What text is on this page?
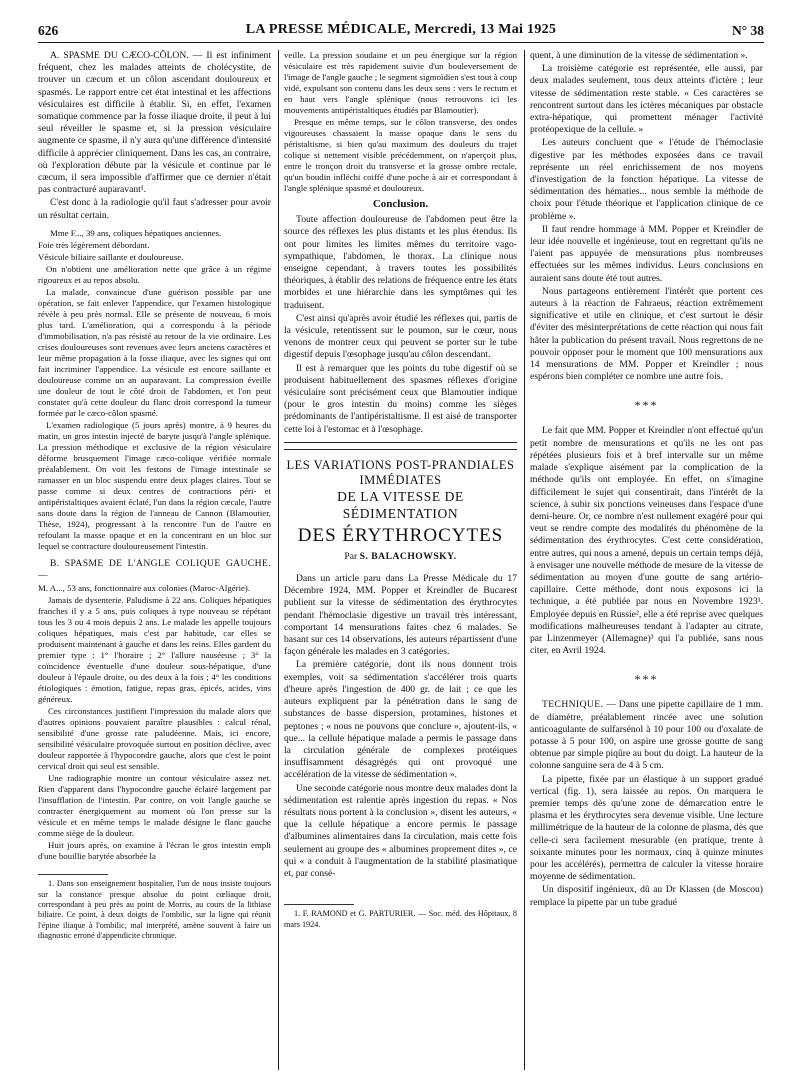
626	LA PRESSE MÉDICALE, Mercredi, 13 Mai 1925	N° 38

A. SPASME DU CÆCO-CÔLON. — Il est infiniment fréquent, chez les malades atteints de cholécystite, de trouver un cæcum et un côlon ascendant douloureux et spasmés. Le rapport entre cet état intestinal et les affections vésiculaires est difficile à établir. Si, en effet, l'examen somatique commence par la fosse iliaque droite, il peut à lui seul réveiller le spasme et, si la pression vésiculaire augmente ce spasme, il n'y aura qu'une différence d'intensité difficile à apprécier cliniquement. Dans les cas, au contraire, où l'exploration débute par la vésicule et continue par le cæcum, il sera impossible d'affirmer que ce dernier n'était pas contracturé auparavant¹.

C'est donc à la radiologie qu'il faut s'adresser pour avoir un résultat certain.

Mme F..., 39 ans, coliques hépatiques anciennes.

Foie très légèrement débordant.

Vésicule biliaire saillante et douloureuse.

On n'obtient une amélioration nette que grâce à un régime rigoureux et au repos absolu.

La malade, convaincue d'une guérison possible par une opération, se fait enlever l'appendice, qur l'examen histologique révèle à peu près normal. Elle se présente de nouveau, 6 mois plus tard. L'amélioration, qui a correspondu à la période d'immobilisation, n'a pas résisté au retour de la vie ordinaire. Les crises douloureuses sont revenues avec leurs anciens caractères et leur même propagation à la fosse iliaque, avec les signes qui ont fait incriminer l'appendice. La vésicule est encore saillante et douloureuse comme un an auparavant. La compression éveille une douleur de tout le côté droit de l'abdomen, et l'on peut constater qu'à cette douleur du flanc droit correspond la tumeur formée par le cæco-côlon spasmé.

L'examen radiologique (5 jours après) montre, à 9 heures du matin, un gros intestin injecté de baryte jusqu'à l'angle splénique. La pression méthodique et exclusive de la région vésiculaire déforme brusquement l'image cæco-colique vérifiée normale préalablement. On voit les festons de l'image intestinale se ramasser en un bloc suspendu entre deux plages claires. Tout se passe comme si deux centres de contractions péri- et antipéristaltiques avaient éclaté, l'un dans la région cæcale, l'autre sans doute dans la région de l'anneau de Cannon (Blamoutier, Thèse, 1924), progressant à la rencontre l'un de l'autre en refoulant la masse opaque et en la concentrant en un bloc sur lequel se contracture douloureusement l'intestin.

B. SPASME DE L'ANGLE COLIQUE GAUCHE. —

M. A..., 53 ans, fonctionnaire aux colonies (Maroc-Algérie).

Jamais de dysenterie. Paludisme à 22 ans. Coliques hépatiques franches il y a 5 ans, puis coliques à type nouveau se répétant tous les 3 ou 4 mois depuis 2 ans. Le malade les appelle toujours coliques hépatiques, mais c'est par habitude, car elles se produisent maintenant à gauche et dans les reins. Elles gardent du premier type : 1° l'horaire ; 2° l'allure nauséeuse ; 3° la coïncidence éventuelle d'une douleur sous-hépatique, d'une douleur à l'épaule droite, ou des deux à la fois ; 4° les conditions étiologiques : émotion, fatigue, repas gras, épicés, acides, vins généreux.

Ces circonstances justifient l'impression du malade alors que d'autres opinions pouvaient paraître plausibles : calcul rénal, sensibilité d'une grosse rate paludéenne. Mais, ici encore, sensibilité vésiculaire provoquée surtout en position déclive, avec douleur rapportée à l'hypocondre gauche, alors que c'est le point cervical droit qui seul est sensible.

Une radiographie montre un contour vésiculaire assez net. Rien d'apparent dans l'hypocondre gauche éclairé largement par l'insufflation de l'intestin. Par contre, on voit l'angle gauche se contracter énergiquement au moment où l'on presse sur la vésicule et en même temps le malade désigne le flanc gauche comme siège de la douleur.

Huit jours après, on examine à l'écran le gros intestin empli d'une bouillie barytée absorbée la

1. Dans son enseignement hospitalier, l'un de nous insiste toujours sur la constance presque absolue du point cœliaque droit, correspondant à peu près au point de Morris, au cours de la lithiase biliaire. Ce point, à deux doigts de l'ombilic, sur la ligne qui réunit l'épine iliaque à l'ombilic, mal interprété, amène souvent à faire un diagnostic erroné d'appendicite chronique.

veille. La pression soudaine et un peu énergique sur la région vésiculaire est très rapidement suivie d'un bouleversement de l'image de l'angle gauche ; le segment sigmoïdien s'est tout à coup vidé, expulsant son contenu dans les deux sens : vers le rectum et en haut vers l'angle splénique (nous retrouvons ici les mouvements antipéristaltiques étudiés par Blamoutier).

Presque en même temps, sur le côlon transverse, des ondes vigoureuses chassaient la masse opaque dans le sens du péristaltisme, si bien qu'au maximum des douleurs du trajet colique si nettement visible précédemment, on n'aperçoit plus, entre le tronçon droit du transverse et la grosse ombre rectale, qu'un boudin infléchi coiffé d'une poche à air et correspondant à l'angle splénique spasmé et douloureux.

Conclusion.

Toute affection douloureuse de l'abdomen peut être la source des réflexes les plus distants et les plus étendus. Ils ont pour limites les limites mêmes du territoire vago-sympathique, l'abdomen, le thorax. La clinique nous enseigne cependant, à travers toutes les possibilités théoriques, à établir des relations de fréquence entre les états morbides et une hiérarchie dans les symptômes qui les traduisent.

C'est ainsi qu'après avoir étudié les réflexes qui, partis de la vésicule, retentissent sur le poumon, sur le cœur, nous venons de montrer ceux qui peuvent se porter sur le tube digestif depuis l'œsophage jusqu'au côlon descendant.

Il est à remarquer que les points du tube digestif où se produisent habituellement des spasmes réflexes d'origine vésiculaire sont précisément ceux que Blamoutier indique (pour le gros intestin du moins) comme les sièges prédominants de l'antipéristaltisme. Il est aisé de transporter cette loi à l'estomac et à l'œsophage.

LES VARIATIONS POST-PRANDIALES
IMMÉDIATES
DE LA VITESSE DE SÉDIMENTATION
DES ÉRYTHROCYTES
Par S. BALACHOWSKY.

Dans un article paru dans La Presse Médicale du 17 Décembre 1924, MM. Popper et Kreindler de Bucarest publient sur la vitesse de sédimentation des érythrocytes pendant l'hémoclasie digestive un travail très intéressant, comportant 14 mensurations faites chez 6 malades. Se basant sur ces 14 observations, les auteurs répartissent d'une façon générale les malades en 3 catégories.

La première catégorie, dont ils nous donnent trois exemples, voit sa sédimentation s'accélérer trois quarts d'heure après l'ingestion de 400 gr. de lait ; ce que les auteurs expliquent par la pénétration dans le sang de substances de basse dispersion, protamines, histones et peptones ; « nous ne pouvons que conclure », ajoutent-ils, « que... la cellule hépatique malade a permis le passage dans la circulation générale de complexes protéiques insuffisamment désagrégés qui ont provoqué une accélération de la vitesse de sédimentation ».

Une seconde catégorie nous montre deux malades dont la sédimentation est ralentie après ingestion du repas. « Nos résultats nous portent à la conclusion », disent les auteurs, « que la cellule hépatique a encore permis le passage d'albumines alimentaires dans la circulation, mais cette fois seulement au groupe des « albumines proprement dites », ce qui « a conduit à l'augmentation de la stabilité plasmatique et, par consé-

1. F. RAMOND et G. PARTURIER. — Soc. méd. des Hôpitaux, 8 mars 1924.

quent, à une diminution de la vitesse de sédimentation ».

La troisième catégorie est représentée, elle aussi, par deux malades seulement, tous deux atteints d'ictère ; leur vitesse de sédimentation reste stable. « Ces caractères se rencontrent surtout dans les ictères mécaniques par obstacle extra-hépatique, qui promettent ménager l'activité protéopexique de la cellule. »

Les auteurs concluent que « l'étude de l'hémoclasie digestive par les méthodes exposées dans ce travail représente un réel enrichissement de nos moyens d'investigation de la fonction hépatique. La vitesse de sédimentation des hématies... nous semble la méthode de choix pour l'étude théorique et l'application clinique de ce problème ».

Il faut rendre hommage à MM. Popper et Kreindler de leur idée nouvelle et ingénieuse, tout en regrettant qu'ils ne l'aient pas appuyée de mensurations plus nombreuses effectuées sur les mêmes individus. Leurs conclusions en auraient sans doute été tout autres.

Nous partageons entièrement l'intérêt que portent ces auteurs à la réaction de Fahraeus, réaction extrêmement significative et utile en clinique, et c'est surtout le désir d'éviter des mésinterprétations de cette réaction qui nous fait hâter la publication du présent travail. Nous regrettons de ne pouvoir opposer pour le moment que 100 mensurations aux 14 mensurations de MM. Popper et Kreindler ; nous espérons bien compléter ce nombre une autre fois.

***

Le fait que MM. Popper et Kreindler n'ont effectué qu'un petit nombre de mensurations et qu'ils ne les ont pas répétées plusieurs fois et à bref intervalle sur un même malade s'explique aisément par la complication de la méthode qu'ils ont employée. En effet, on s'imagine difficilement le sujet qui consentirait, dans l'intérêt de la science, à subir six ponctions veineuses dans l'espace d'une demi-heure. Or, ce nombre n'est nullement exagéré pour qui veut se rendre compte des modalités du phénomène de la sédimentation des érythrocytes. C'est cette considération, entre autres, qui nous a amené, depuis un certain temps déjà, à envisager une nouvelle méthode de mesure de la vitesse de sédimentation au moyen d'une goutte de sang artério-capillaire. Cette méthode, dont nous exposons ici la technique, a été publiée par nous en Novembre 1923¹. Employée depuis en Russie², elle a été reprise avec quelques modifications malheureuses tendant à l'adapter au citrate, par Linzenmeyer (Allemagne)³ qui l'a publiée, sans nous citer, en Avril 1924.

***

TECHNIQUE. — Dans une pipette capillaire de 1 mm. de diamètre, préalablement rincée avec une solution anticoagulante de sulfarsénol à 10 pour 100 ou d'oxalate de potasse à 5 pour 100, on aspire une grosse goutte de sang obtenue par simple piqûre au bout du doigt. La hauteur de la colonne sanguine sera de 4 à 5 cm.

La pipette, fixée par un élastique à un support gradué vertical (fig. 1), sera laissée au repos. On marquera le premier temps dès qu'une zone de démarcation entre le plasma et les érythrocytes sera devenue visible. Une lecture millimétrique de la hauteur de la colonne de plasma, dès que celle-ci sera facilement mesurable (en pratique, trente à soixante minutes pour les normaux, cinq à quinze minutes pour les accélérés), permettra de calculer la vitesse horaire moyenne de sédimentation.

Un dispositif ingénieux, dû au Dr Klassen (de Moscou) remplace la pipette par un tube gradué
